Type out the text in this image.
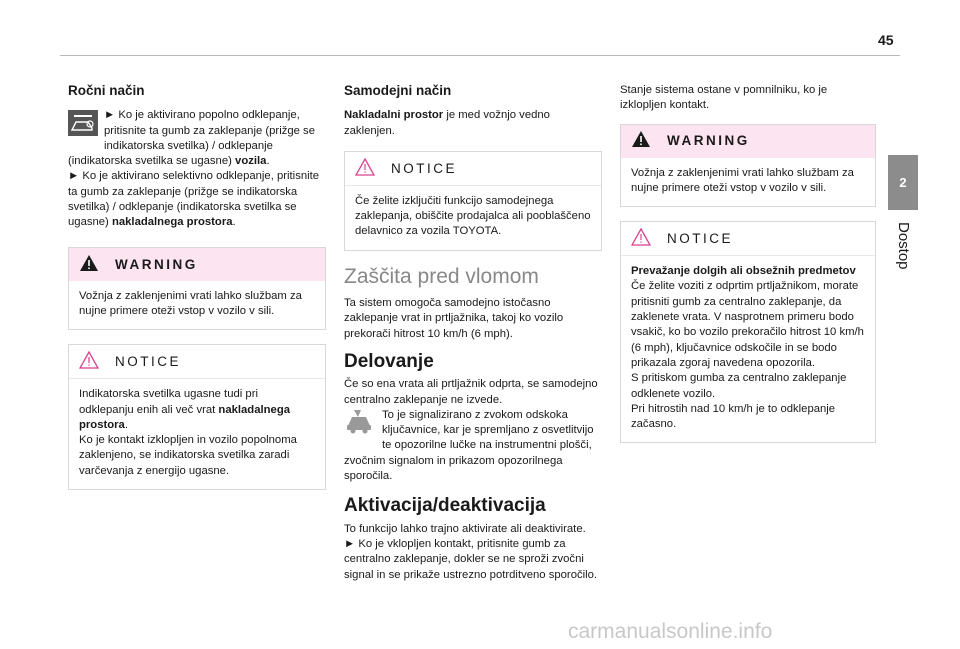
45
2
Dostop
Ročni način

► Ko je aktivirano popolno odklepanje, pritisnite ta gumb za zaklepanje (prižge se indikatorska svetilka) / odklepanje (indikatorska svetilka se ugasne) vozila.

► Ko je aktivirano selektivno odklepanje, pritisnite ta gumb za zaklepanje (prižge se indikatorska svetilka) / odklepanje (indikatorska svetilka se ugasne) nakladalnega prostora.

WARNING
Vožnja z zaklenjenimi vrati lahko službam za nujne primere oteži vstop v vozilo v sili.
NOTICE

Indikatorska svetilka ugasne tudi pri odklepanju enih ali več vrat nakladalnega prostora.

Ko je kontakt izklopljen in vozilo popolnoma zaklenjeno, se indikatorska svetilka zaradi varčevanja z energijo ugasne.

Samodejni način

Nakladalni prostor je med vožnjo vedno zaklenjen.

NOTICE
Če želite izključiti funkcijo samodejnega zaklepanja, obiščite prodajalca ali pooblaščeno delavnico za vozila TOYOTA.
Zaščita pred vlomom

Ta sistem omogoča samodejno istočasno zaklepanje vrat in prtljažnika, takoj ko vozilo prekorači hitrost 10 km/h (6 mph).

Delovanje

Če so ena vrata ali prtljažnik odprta, se samodejno centralno zaklepanje ne izvede.

To je signalizirano z zvokom odskoka ključavnice, kar je spremljano z osvetlitvijo te opozorilne lučke na instrumentni plošči, zvočnim signalom in prikazom opozorilnega sporočila.

Aktivacija/deaktivacija

To funkcijo lahko trajno aktivirate ali deaktivirate.

► Ko je vklopljen kontakt, pritisnite gumb za centralno zaklepanje, dokler se ne sproži zvočni signal in se prikaže ustrezno potrditveno sporočilo.

Stanje sistema ostane v pomnilniku, ko je izklopljen kontakt.

WARNING
Vožnja z zaklenjenimi vrati lahko službam za nujne primere oteži vstop v vozilo v sili.
NOTICE

Prevažanje dolgih ali obsežnih predmetov

Če želite voziti z odprtim prtljažnikom, morate pritisniti gumb za centralno zaklepanje, da zaklenete vrata. V nasprotnem primeru bodo vsakič, ko bo vozilo prekoračilo hitrost 10 km/h (6 mph), ključavnice odskočile in se bodo prikazala zgoraj navedena opozorila.

S pritiskom gumba za centralno zaklepanje odklenete vozilo.

Pri hitrostih nad 10 km/h je to odklepanje začasno.

carmanualsonline.info
